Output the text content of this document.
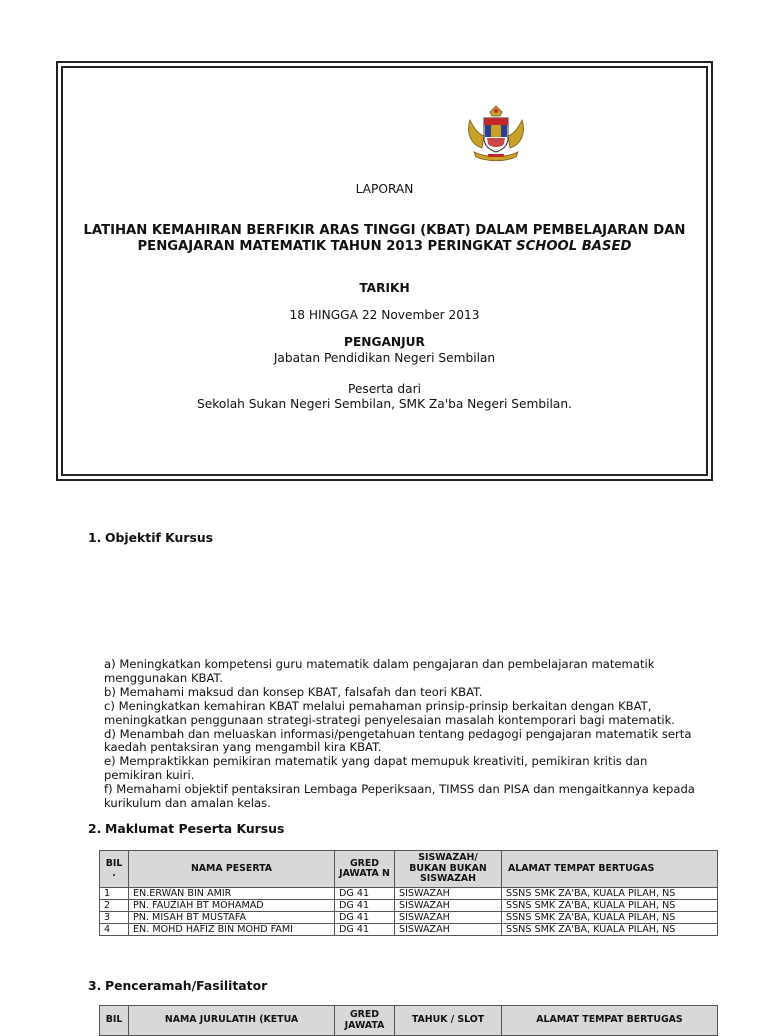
LAPORAN
LATIHAN KEMAHIRAN BERFIKIR ARAS TINGGI (KBAT) DALAM PEMBELAJARAN DAN
PENGAJARAN MATEMATIK TAHUN 2013 PERINGKAT SCHOOL BASED
TARIKH
18 HINGGA 22 November 2013
PENGANJUR
Jabatan Pendidikan Negeri Sembilan
Peserta dari
Sekolah Sukan Negeri Sembilan, SMK Za'ba Negeri Sembilan.
1. Objektif Kursus

a) Meningkatkan kompetensi guru matematik dalam pengajaran dan pembelajaran matematik

menggunakan KBAT.

b) Memahami maksud dan konsep KBAT, falsafah dan teori KBAT.

c) Meningkatkan kemahiran KBAT melalui pemahaman prinsip-prinsip berkaitan dengan KBAT,

meningkatkan penggunaan strategi-strategi penyelesaian masalah kontemporari bagi matematik.

d) Menambah dan meluaskan informasi/pengetahuan tentang pedagogi pengajaran matematik serta

kaedah pentaksiran yang mengambil kira KBAT.

e) Mempraktikkan pemikiran matematik yang dapat memupuk kreativiti, pemikiran kritis dan

pemikiran kuiri.

f) Memahami objektif pentaksiran Lembaga Peperiksaan, TIMSS dan PISA dan mengaitkannya kepada

kurikulum dan amalan kelas.

2. Maklumat Peserta Kursus
BIL .	NAMA PESERTA	GRED JAWATA N	SISWAZAH/ BUKAN BUKAN SISWAZAH	ALAMAT TEMPAT BERTUGAS
1	EN.ERWAN BIN AMIR	DG 41	SISWAZAH	SSNS SMK ZA'BA, KUALA PILAH, NS
2	PN. FAUZIAH BT MOHAMAD	DG 41	SISWAZAH	SSNS SMK ZA'BA, KUALA PILAH, NS
3	PN. MISAH BT MUSTAFA	DG 41	SISWAZAH	SSNS SMK ZA'BA, KUALA PILAH, NS
4	EN. MOHD HAFIZ BIN MOHD FAMI	DG 41	SISWAZAH	SSNS SMK ZA'BA, KUALA PILAH, NS
3. Penceramah/Fasilitator
BIL	NAMA JURULATIH (KETUA	GRED JAWATA	TAHUK / SLOT	ALAMAT TEMPAT BERTUGAS
